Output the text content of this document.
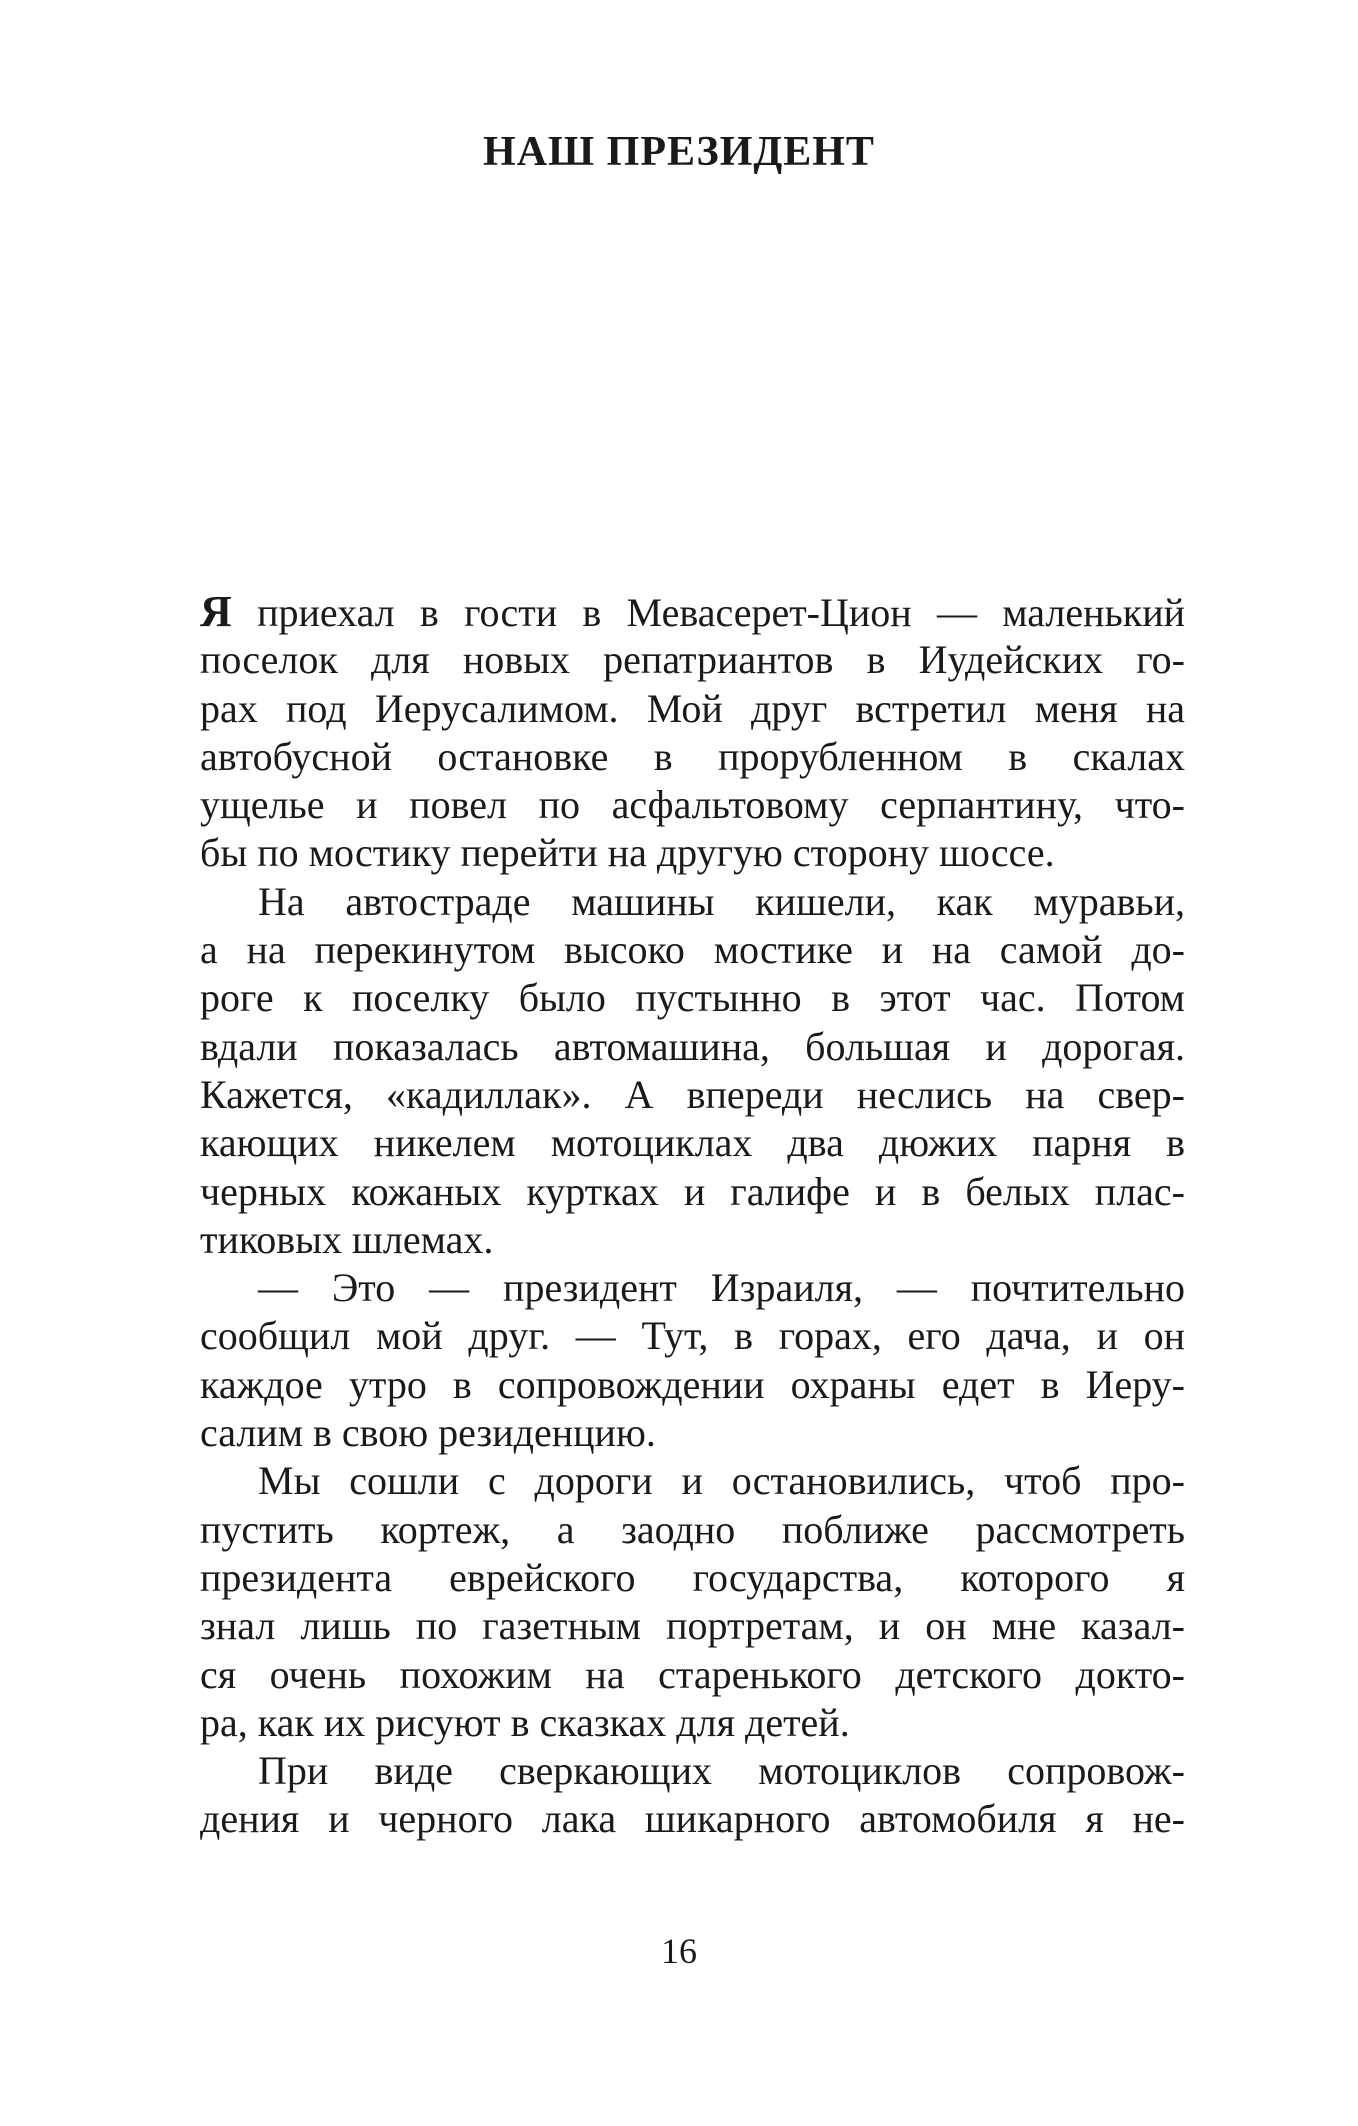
НАШ ПРЕЗИДЕНТ
Я приехал в гости в Мевасерет-Цион — маленький
поселок для новых репатриантов в Иудейских го-
рах под Иерусалимом. Мой друг встретил меня на
автобусной остановке в прорубленном в скалах
ущелье и повел по асфальтовому серпантину, что-
бы по мостику перейти на другую сторону шоссе.
На автостраде машины кишели, как муравьи,
а на перекинутом высоко мостике и на самой до-
роге к поселку было пустынно в этот час. Потом
вдали показалась автомашина, большая и дорогая.
Кажется, «кадиллак». А впереди неслись на свер-
кающих никелем мотоциклах два дюжих парня в
черных кожаных куртках и галифе и в белых плас-
тиковых шлемах.
— Это — президент Израиля, — почтительно
сообщил мой друг. — Тут, в горах, его дача, и он
каждое утро в сопровождении охраны едет в Иеру-
салим в свою резиденцию.
Мы сошли с дороги и остановились, чтоб про-
пустить кортеж, а заодно поближе рассмотреть
президента еврейского государства, которого я
знал лишь по газетным портретам, и он мне казал-
ся очень похожим на старенького детского докто-
ра, как их рисуют в сказках для детей.
При виде сверкающих мотоциклов сопровож-
дения и черного лака шикарного автомобиля я не-

16
